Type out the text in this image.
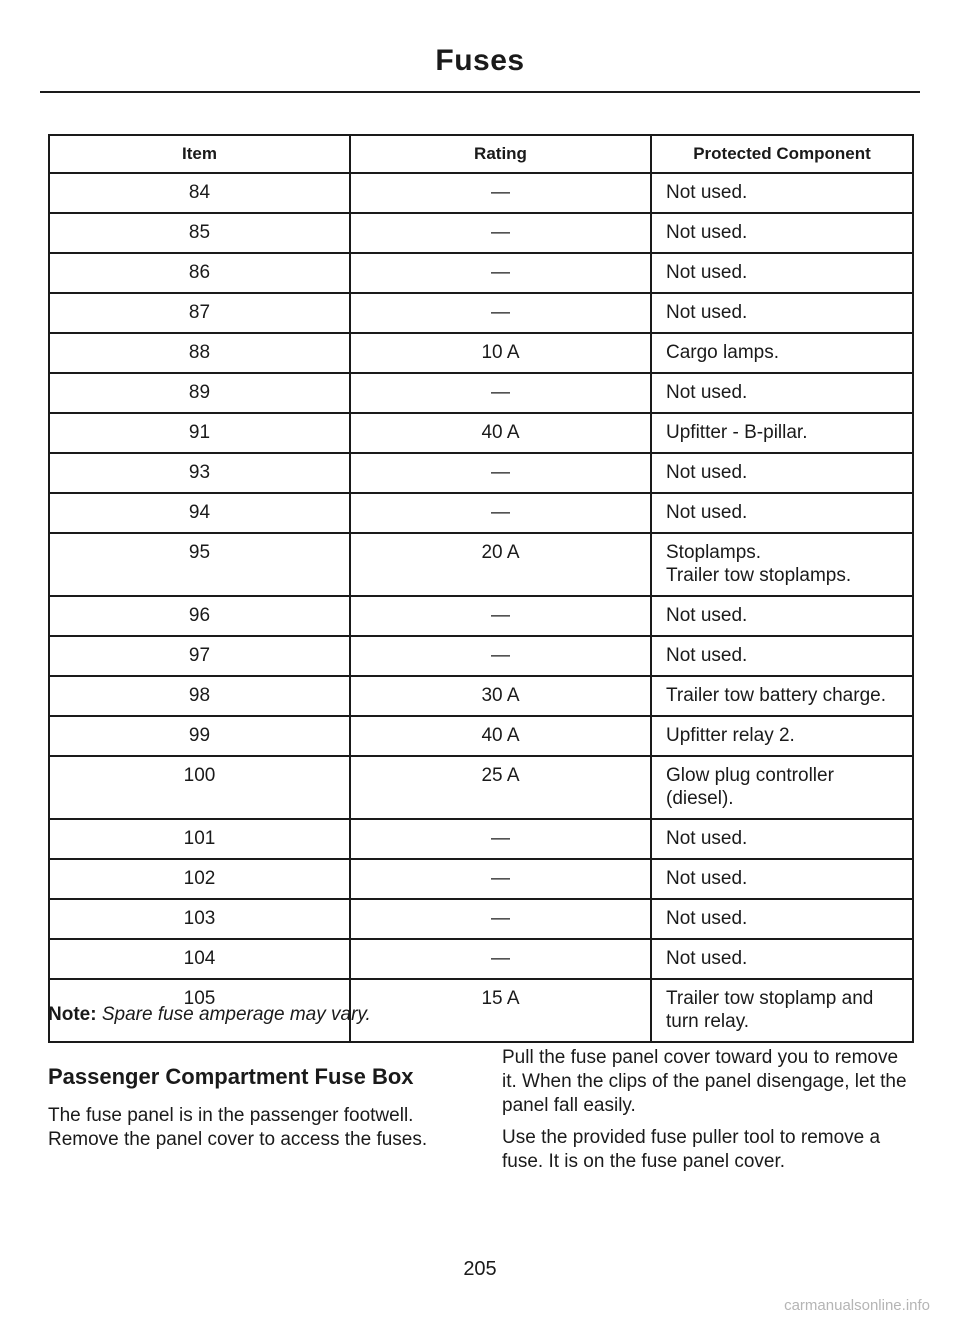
Fuses
Item	Rating	Protected Component
84	—	Not used.

85	—	Not used.

86	—	Not used.

87	—	Not used.

88	10 A	Cargo lamps.

89	—	Not used.

91	40 A	Upfitter - B-pillar.

93	—	Not used.

94	—	Not used.

95	20 A	Stoplamps.
Trailer tow stoplamps.

96	—	Not used.

97	—	Not used.

98	30 A	Trailer tow battery charge.

99	40 A	Upfitter relay 2.

100	25 A	Glow plug controller
(diesel).

101	—	Not used.

102	—	Not used.

103	—	Not used.

104	—	Not used.

105	15 A	Trailer tow stoplamp and
turn relay.
Note: Spare fuse amperage may vary.
Passenger Compartment Fuse Box
The fuse panel is in the passenger footwell. Remove the panel cover to access the fuses.
Pull the fuse panel cover toward you to remove it. When the clips of the panel disengage, let the panel fall easily.
Use the provided fuse puller tool to remove a fuse. It is on the fuse panel cover.
205
carmanualsonline.info
